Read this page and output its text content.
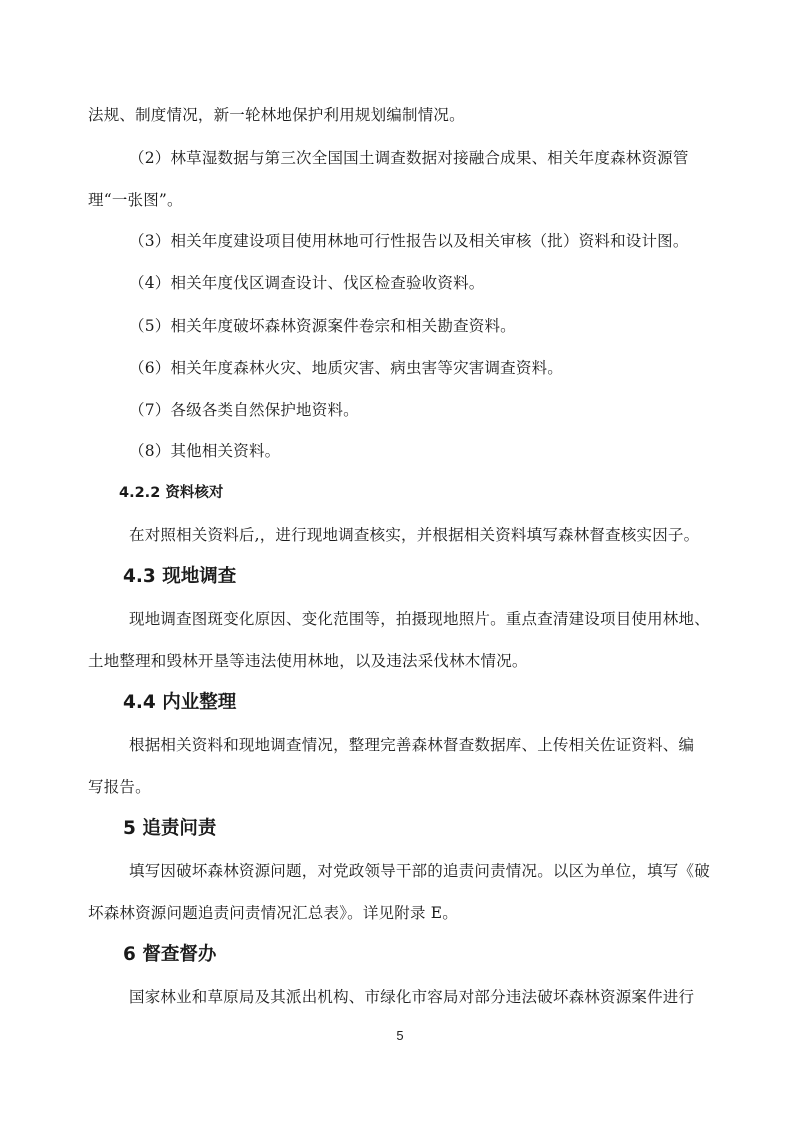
法规、制度情况，新一轮林地保护利用规划编制情况。
（2）林草湿数据与第三次全国国土调查数据对接融合成果、相关年度森林资源管
理“一张图”。
（3）相关年度建设项目使用林地可行性报告以及相关审核（批）资料和设计图。
（4）相关年度伐区调查设计、伐区检查验收资料。
（5）相关年度破坏森林资源案件卷宗和相关勘查资料。
（6）相关年度森林火灾、地质灾害、病虫害等灾害调查资料。
（7）各级各类自然保护地资料。
（8）其他相关资料。
4.2.2 资料核对
在对照相关资料后,，进行现地调查核实，并根据相关资料填写森林督查核实因子。
4.3 现地调查
现地调查图斑变化原因、变化范围等，拍摄现地照片。重点查清建设项目使用林地、
土地整理和毁林开垦等违法使用林地，以及违法采伐林木情况。
4.4 内业整理
根据相关资料和现地调查情况，整理完善森林督查数据库、上传相关佐证资料、编
写报告。
5 追责问责
填写因破坏森林资源问题，对党政领导干部的追责问责情况。以区为单位，填写《破
坏森林资源问题追责问责情况汇总表》。详见附录 E。
6 督查督办
国家林业和草原局及其派出机构、市绿化市容局对部分违法破坏森林资源案件进行
5
